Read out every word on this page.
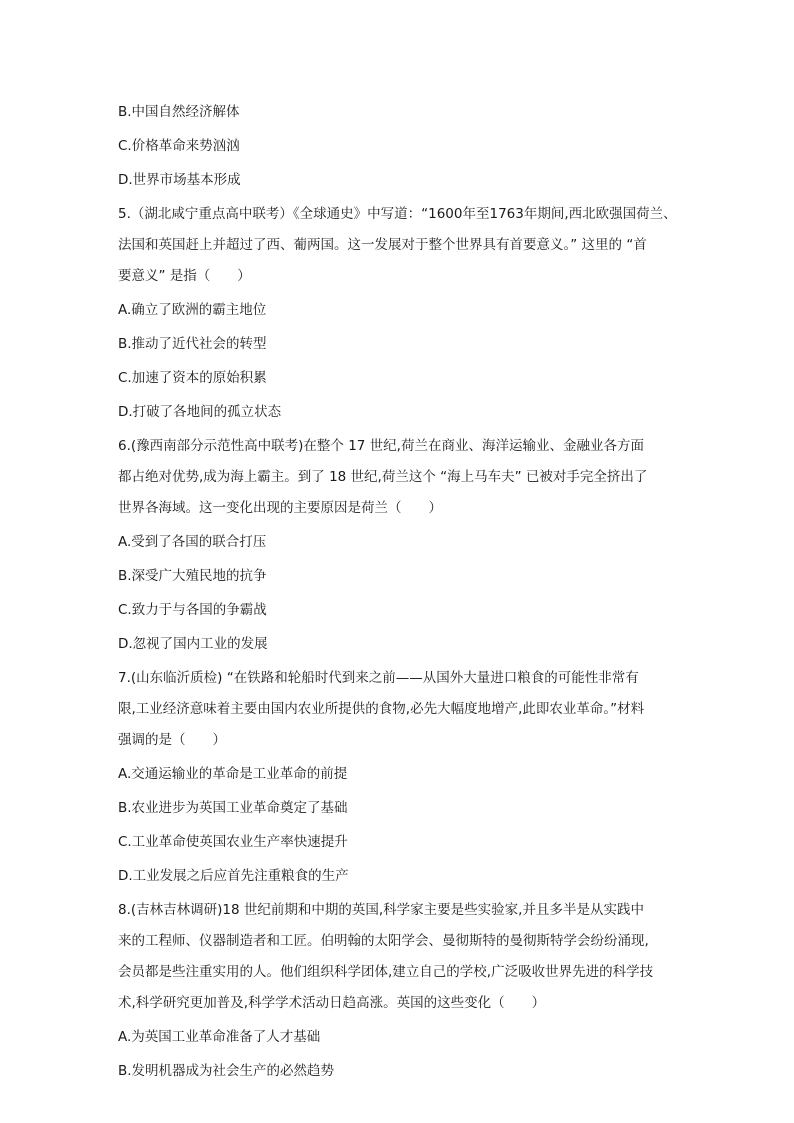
B.中国自然经济解体
C.价格革命来势汹汹
D.世界市场基本形成
5.（湖北咸宁重点高中联考）《全球通史》中写道：“1600年至1763年期间,西北欧强国荷兰、
法国和英国赶上并超过了西、葡两国。这一发展对于整个世界具有首要意义。” 这里的 “首
要意义” 是指（　　）
A.确立了欧洲的霸主地位
B.推动了近代社会的转型
C.加速了资本的原始积累
D.打破了各地间的孤立状态
6.(豫西南部分示范性高中联考)在整个 17 世纪,荷兰在商业、海洋运输业、金融业各方面
都占绝对优势,成为海上霸主。到了 18 世纪,荷兰这个 “海上马车夫” 已被对手完全挤出了
世界各海域。这一变化出现的主要原因是荷兰（　　）
A.受到了各国的联合打压
B.深受广大殖民地的抗争
C.致力于与各国的争霸战
D.忽视了国内工业的发展
7.(山东临沂质检) “在铁路和轮船时代到来之前——从国外大量进口粮食的可能性非常有
限,工业经济意味着主要由国内农业所提供的食物,必先大幅度地增产,此即农业革命。”材料
强调的是（　　）
A.交通运输业的革命是工业革命的前提
B.农业进步为英国工业革命奠定了基础
C.工业革命使英国农业生产率快速提升
D.工业发展之后应首先注重粮食的生产
8.(吉林吉林调研)18 世纪前期和中期的英国,科学家主要是些实验家,并且多半是从实践中
来的工程师、仪器制造者和工匠。伯明翰的太阳学会、曼彻斯特的曼彻斯特学会纷纷涌现,
会员都是些注重实用的人。他们组织科学团体,建立自己的学校,广泛吸收世界先进的科学技
术,科学研究更加普及,科学学术活动日趋高涨。英国的这些变化（　　）
A.为英国工业革命准备了人才基础
B.发明机器成为社会生产的必然趋势
